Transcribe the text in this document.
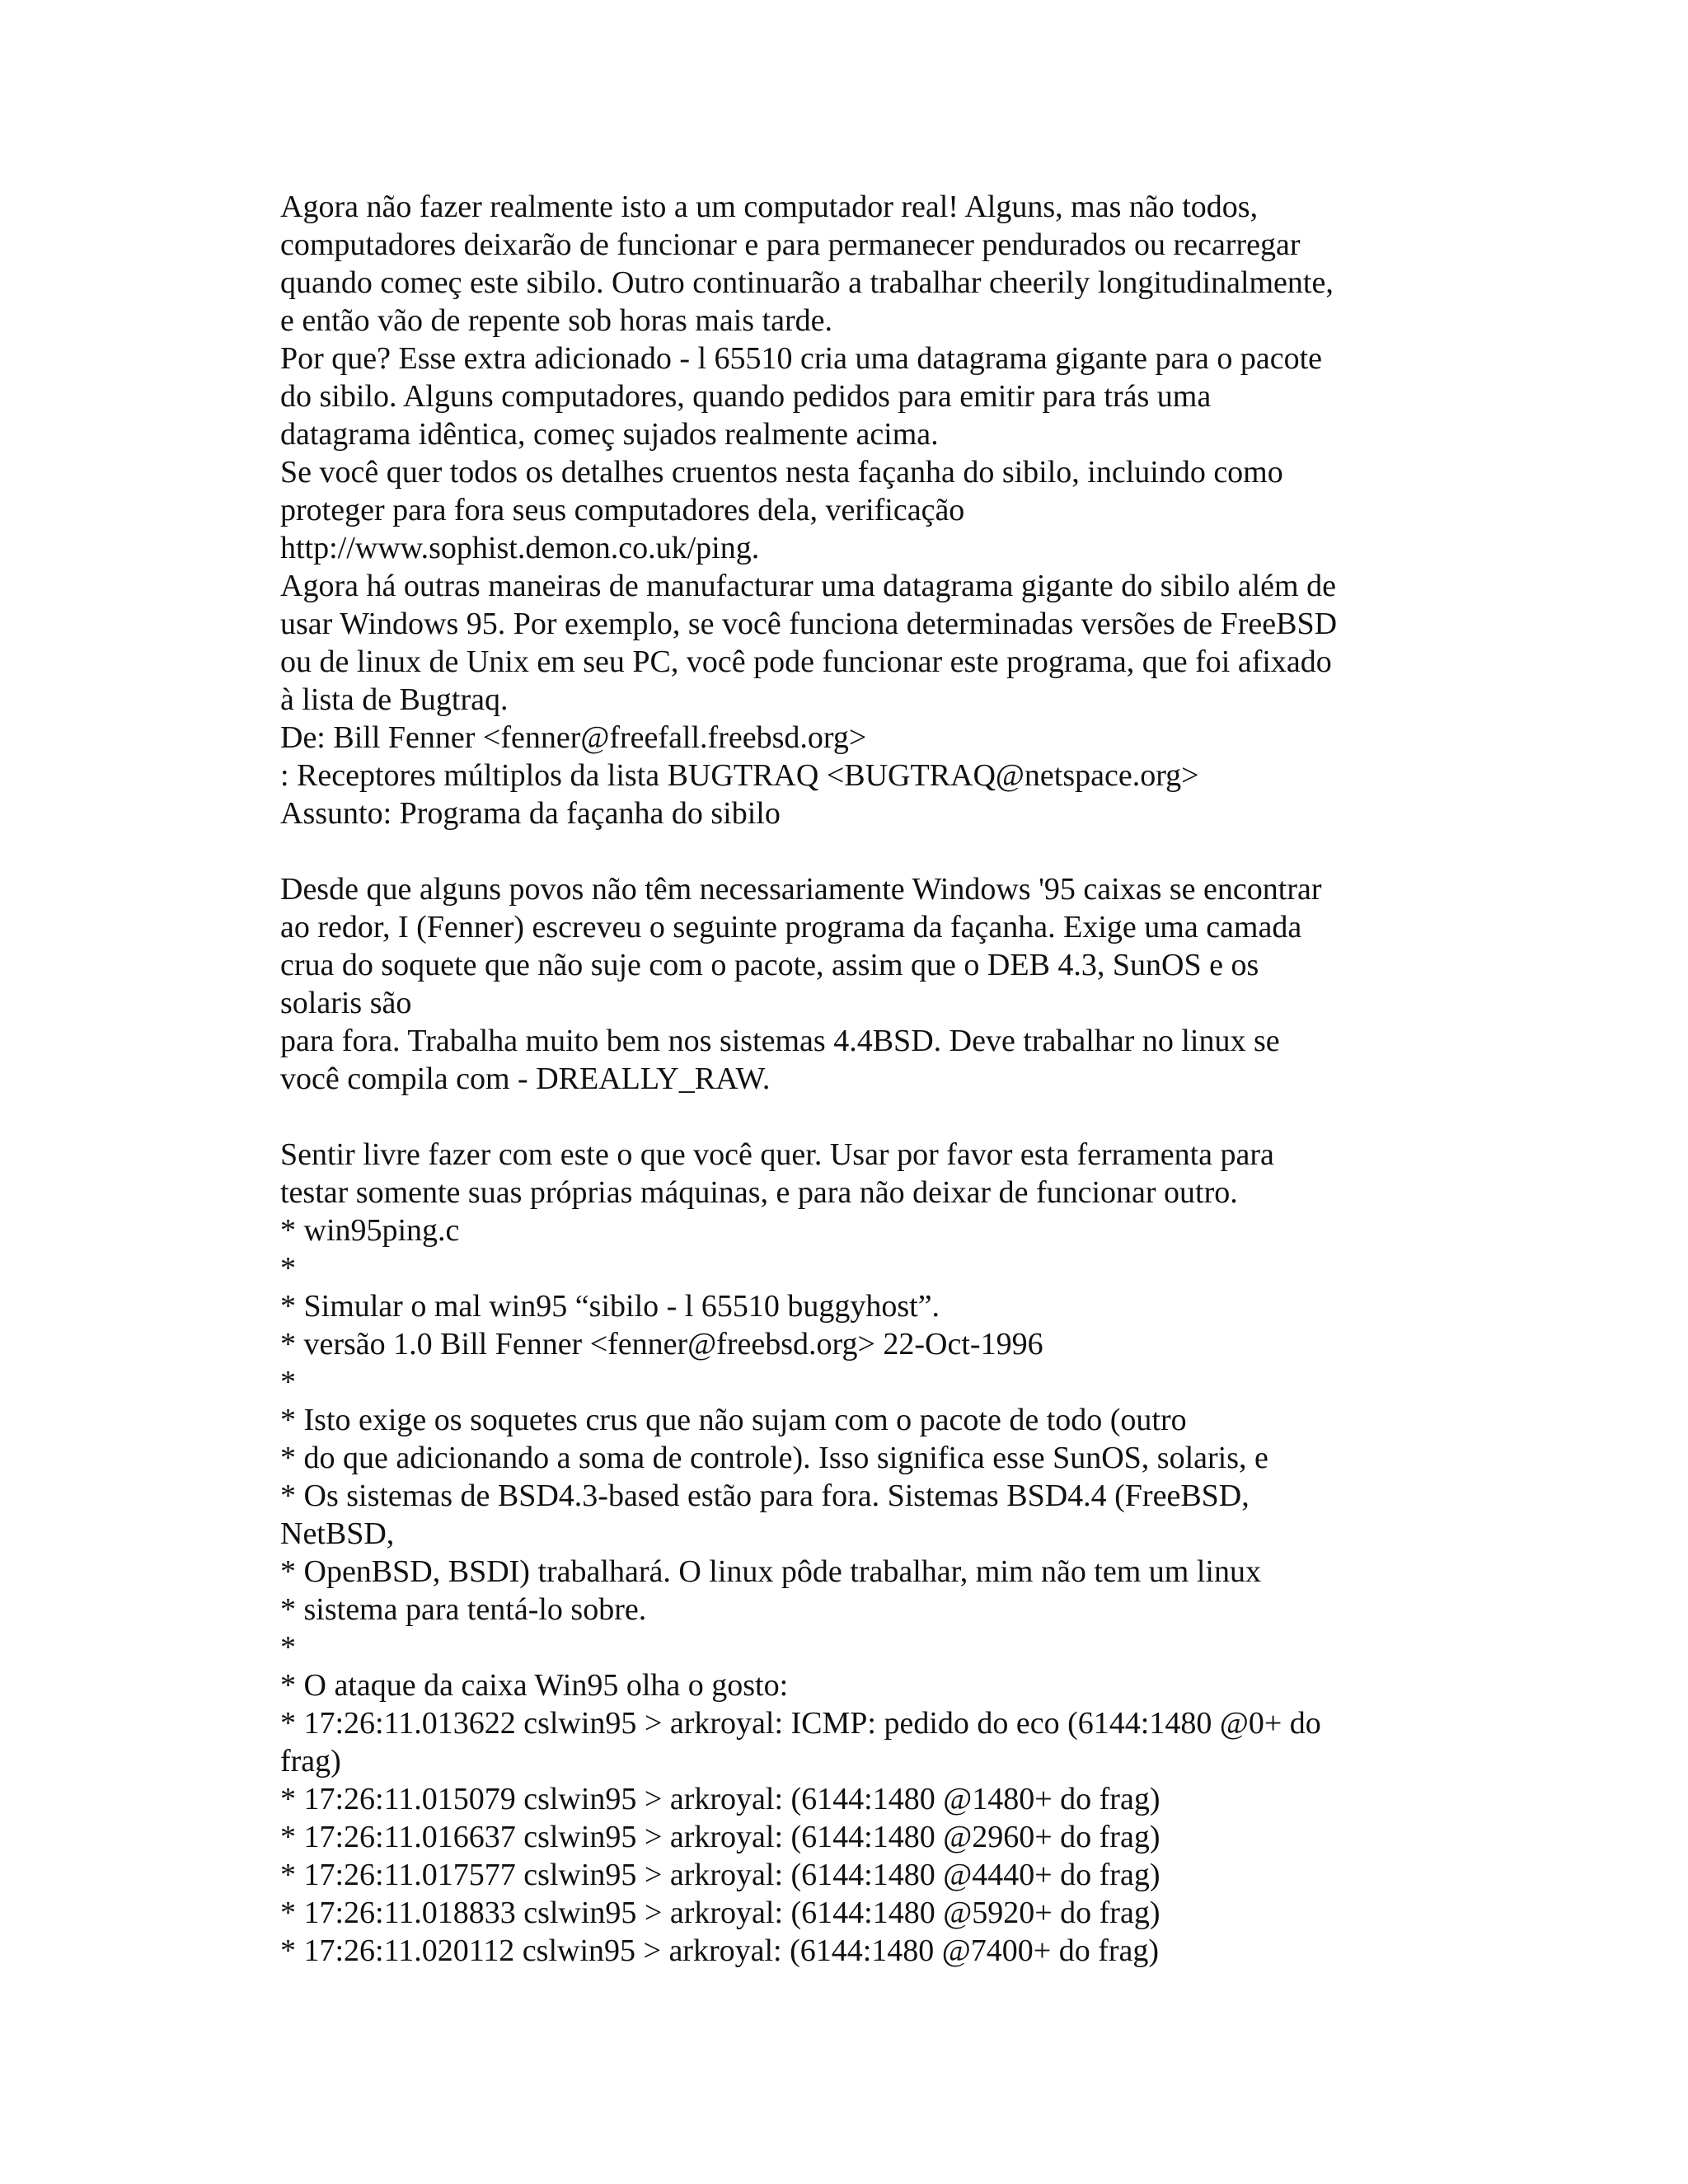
Agora não fazer realmente isto a um computador real! Alguns, mas não todos,
computadores deixarão de funcionar e para permanecer pendurados ou recarregar
quando começ este sibilo. Outro continuarão a trabalhar cheerily longitudinalmente,
e então vão de repente sob horas mais tarde.
Por que? Esse extra adicionado - l 65510 cria uma datagrama gigante para o pacote
do sibilo. Alguns computadores, quando pedidos para emitir para trás uma
datagrama idêntica, começ sujados realmente acima.
Se você quer todos os detalhes cruentos nesta façanha do sibilo, incluindo como
proteger para fora seus computadores dela, verificação
http://www.sophist.demon.co.uk/ping.
Agora há outras maneiras de manufacturar uma datagrama gigante do sibilo além de
usar Windows 95. Por exemplo, se você funciona determinadas versões de FreeBSD
ou de linux de Unix em seu PC, você pode funcionar este programa, que foi afixado
à lista de Bugtraq.
De: Bill Fenner <fenner@freefall.freebsd.org>
: Receptores múltiplos da lista BUGTRAQ <BUGTRAQ@netspace.org>
Assunto: Programa da façanha do sibilo
Desde que alguns povos não têm necessariamente Windows '95 caixas se encontrar
ao redor, I (Fenner) escreveu o seguinte programa da façanha. Exige uma camada
crua do soquete que não suje com o pacote, assim que o DEB 4.3, SunOS e os
solaris são
para fora. Trabalha muito bem nos sistemas 4.4BSD. Deve trabalhar no linux se
você compila com - DREALLY_RAW.
Sentir livre fazer com este o que você quer. Usar por favor esta ferramenta para
testar somente suas próprias máquinas, e para não deixar de funcionar outro.
* win95ping.c
*
* Simular o mal win95 “sibilo - l 65510 buggyhost”.
* versão 1.0 Bill Fenner <fenner@freebsd.org> 22-Oct-1996
*
* Isto exige os soquetes crus que não sujam com o pacote de todo (outro
* do que adicionando a soma de controle). Isso significa esse SunOS, solaris, e
* Os sistemas de BSD4.3-based estão para fora. Sistemas BSD4.4 (FreeBSD,
NetBSD,
* OpenBSD, BSDI) trabalhará. O linux pôde trabalhar, mim não tem um linux
* sistema para tentá-lo sobre.
*
* O ataque da caixa Win95 olha o gosto:
* 17:26:11.013622 cslwin95 > arkroyal: ICMP: pedido do eco (6144:1480 @0+ do
frag)
* 17:26:11.015079 cslwin95 > arkroyal: (6144:1480 @1480+ do frag)
* 17:26:11.016637 cslwin95 > arkroyal: (6144:1480 @2960+ do frag)
* 17:26:11.017577 cslwin95 > arkroyal: (6144:1480 @4440+ do frag)
* 17:26:11.018833 cslwin95 > arkroyal: (6144:1480 @5920+ do frag)
* 17:26:11.020112 cslwin95 > arkroyal: (6144:1480 @7400+ do frag)
